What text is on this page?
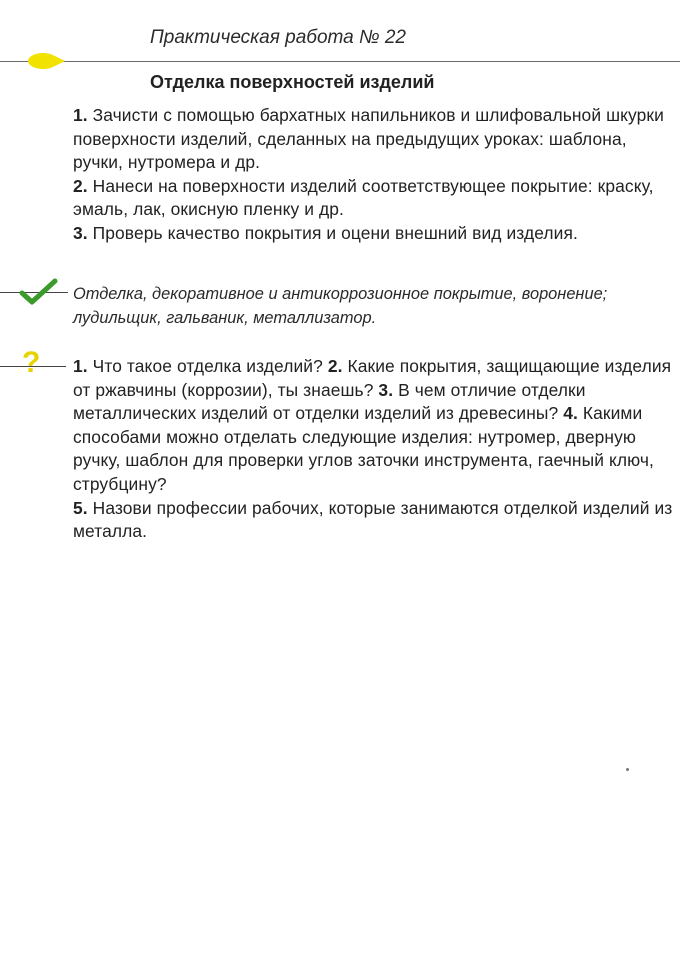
Практическая работа № 22
Отделка поверхностей изделий

1. Зачисти с помощью бархатных напильников и шлифовальной шкурки поверхности изделий, сделанных на предыдущих уроках: шаблона, ручки, нутромера и др.

2. Нанеси на поверхности изделий соответствующее покрытие: краску, эмаль, лак, окисную пленку и др.

3. Проверь качество покрытия и оцени внешний вид изделия.

Отделка, декоративное и антикоррозионное покрытие, воронение; лудильщик, гальваник, металлизатор.
? 1. Что такое отделка изделий? 2. Какие покрытия, защищающие изделия от ржавчины (коррозии), ты знаешь? 3. В чем отличие отделки металлических изделий от отделки изделий из древесины? 4. Какими способами можно отделать следующие изделия: нутромер, дверную ручку, шаблон для проверки углов заточки инструмента, гаечный ключ, струбцину?
5. Назови профессии рабочих, которые занимаются отделкой изделий из металла.
